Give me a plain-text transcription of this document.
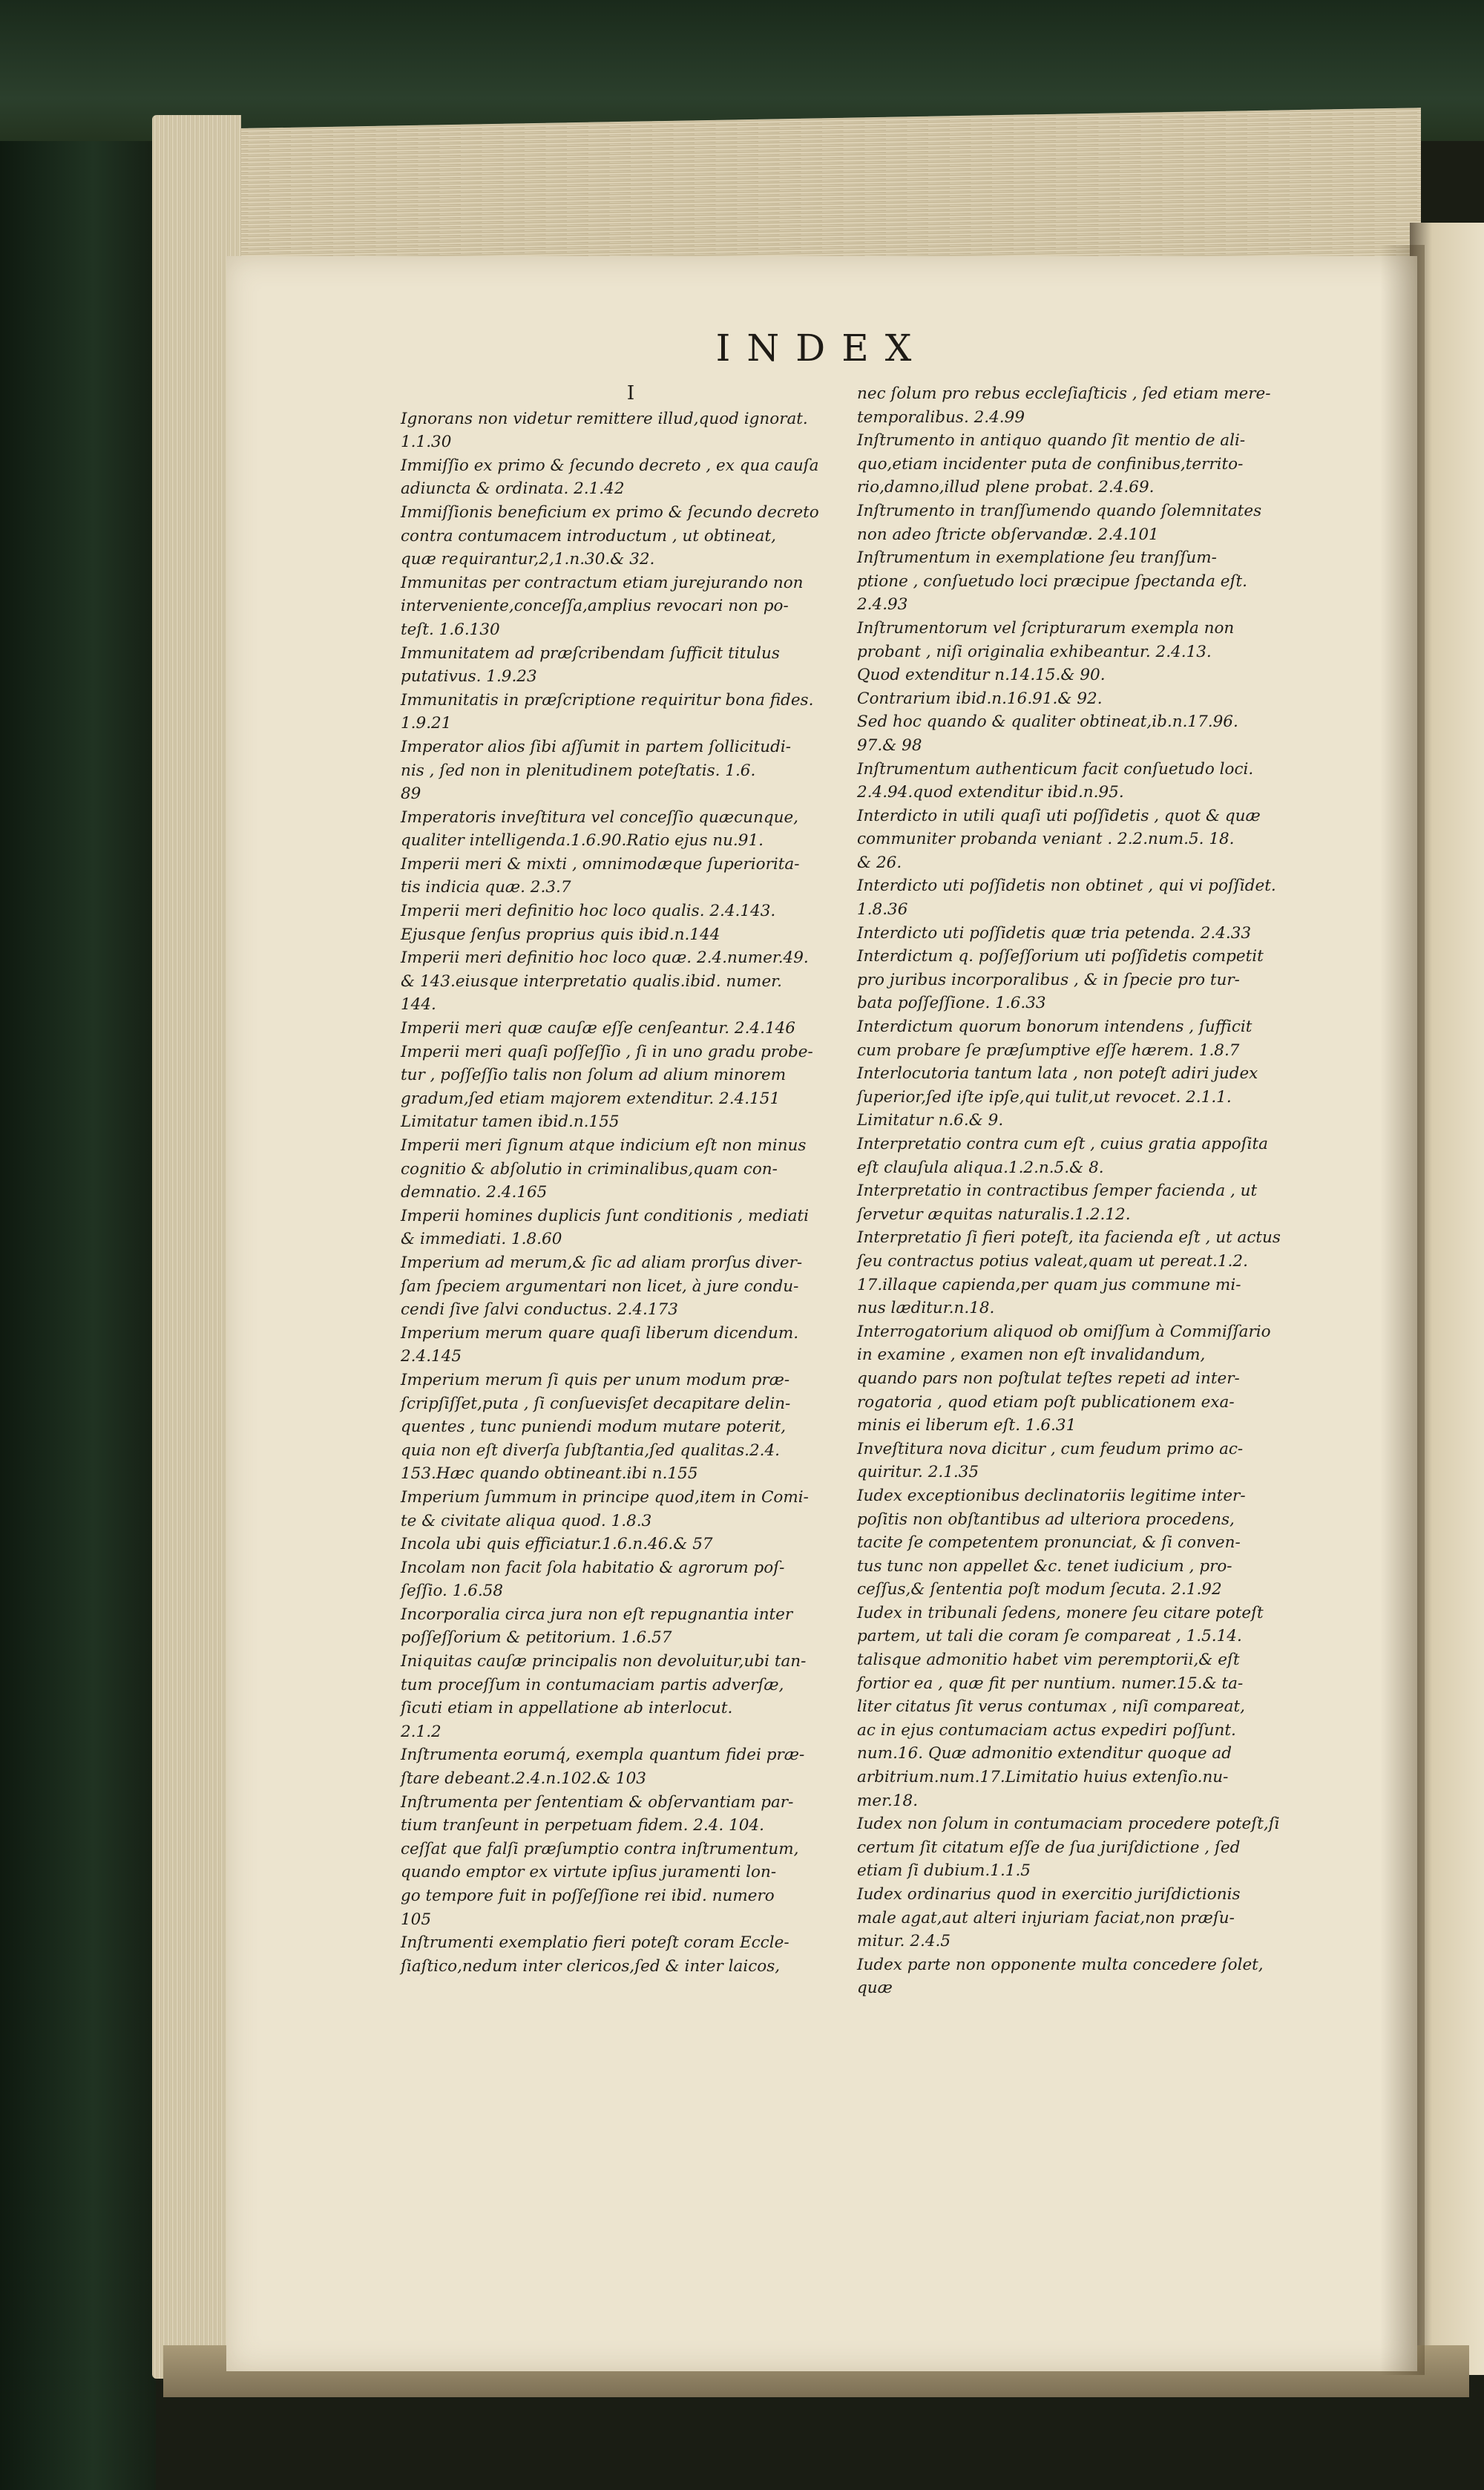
INDEX
I
Ignorans non videtur remittere illud,quod ignorat.
1.1.30
Immiſſio ex primo & ſecundo decreto , ex qua cauſa
adiuncta & ordinata. 2.1.42
Immiſſionis beneficium ex primo & ſecundo decreto
contra contumacem introductum , ut obtineat,
quæ requirantur,2,1.n.30.& 32.
Immunitas per contractum etiam jurejurando non
interveniente,conceſſa,amplius revocari non po-
teſt. 1.6.130
Immunitatem ad præſcribendam ſufficit titulus
putativus. 1.9.23
Immunitatis in præſcriptione requiritur bona fides.
1.9.21
Imperator alios ſibi aſſumit in partem ſollicitudi-
nis , ſed non in plenitudinem poteſtatis. 1.6.
89
Imperatoris inveſtitura vel conceſſio quæcunque,
qualiter intelligenda.1.6.90.Ratio ejus nu.91.
Imperii meri & mixti , omnimodæque ſuperiorita-
tis indicia quæ. 2.3.7
Imperii meri definitio hoc loco qualis. 2.4.143.
Ejusque ſenſus proprius quis ibid.n.144
Imperii meri definitio hoc loco quæ. 2.4.numer.49.
& 143.eiusque interpretatio qualis.ibid. numer.
144.
Imperii meri quæ cauſæ eſſe cenſeantur. 2.4.146
Imperii meri quaſi poſſeſſio , ſi in uno gradu probe-
tur , poſſeſſio talis non ſolum ad alium minorem
gradum,ſed etiam majorem extenditur. 2.4.151
Limitatur tamen ibid.n.155
Imperii meri ſignum atque indicium eſt non minus
cognitio & abſolutio in criminalibus,quam con-
demnatio. 2.4.165
Imperii homines duplicis ſunt conditionis , mediati
& immediati. 1.8.60
Imperium ad merum,& ſic ad aliam prorſus diver-
ſam ſpeciem argumentari non licet, à jure condu-
cendi ſive ſalvi conductus. 2.4.173
Imperium merum quare quaſi liberum dicendum.
2.4.145
Imperium merum ſi quis per unum modum præ-
ſcripſiſſet,puta , ſi conſuevisſet decapitare delin-
quentes , tunc puniendi modum mutare poterit,
quia non eſt diverſa ſubſtantia,ſed qualitas.2.4.
153.Hæc quando obtineant.ibi n.155
Imperium ſummum in principe quod,item in Comi-
te & civitate aliqua quod. 1.8.3
Incola ubi quis efficiatur.1.6.n.46.& 57
Incolam non facit ſola habitatio & agrorum poſ-
ſeſſio. 1.6.58
Incorporalia circa jura non eſt repugnantia inter
poſſeſſorium & petitorium. 1.6.57
Iniquitas cauſæ principalis non devoluitur,ubi tan-
tum proceſſum in contumaciam partis adverſæ,
ſicuti etiam in appellatione ab interlocut.
2.1.2
Inſtrumenta eorumq́, exempla quantum fidei præ-
ſtare debeant.2.4.n.102.& 103
Inſtrumenta per ſententiam & obſervantiam par-
tium tranſeunt in perpetuam fidem. 2.4. 104.
ceſſat que falſi præſumptio contra inſtrumentum,
quando emptor ex virtute ipſius juramenti lon-
go tempore fuit in poſſeſſione rei ibid. numero
105
Inſtrumenti exemplatio fieri poteſt coram Eccle-
ſiaſtico,nedum inter clericos,ſed & inter laicos,
nec ſolum pro rebus eccleſiaſticis , ſed etiam mere-
temporalibus. 2.4.99
Inſtrumento in antiquo quando ſit mentio de ali-
quo,etiam incidenter puta de confinibus,territo-
rio,damno,illud plene probat. 2.4.69.
Inſtrumento in tranſſumendo quando ſolemnitates
non adeo ſtricte obſervandæ. 2.4.101
Inſtrumentum in exemplatione ſeu tranſſum-
ptione , conſuetudo loci præcipue ſpectanda eſt.
2.4.93
Inſtrumentorum vel ſcripturarum exempla non
probant , niſi originalia exhibeantur. 2.4.13.
Quod extenditur n.14.15.& 90.
Contrarium ibid.n.16.91.& 92.
Sed hoc quando & qualiter obtineat,ib.n.17.96.
97.& 98
Inſtrumentum authenticum facit conſuetudo loci.
2.4.94.quod extenditur ibid.n.95.
Interdicto in utili quaſi uti poſſidetis , quot & quæ
communiter probanda veniant . 2.2.num.5. 18.
& 26.
Interdicto uti poſſidetis non obtinet , qui vi poſſidet.
1.8.36
Interdicto uti poſſidetis quæ tria petenda. 2.4.33
Interdictum q. poſſeſſorium uti poſſidetis competit
pro juribus incorporalibus , & in ſpecie pro tur-
bata poſſeſſione. 1.6.33
Interdictum quorum bonorum intendens , ſufficit
cum probare ſe præſumptive eſſe hærem. 1.8.7
Interlocutoria tantum lata , non poteſt adiri judex
ſuperior,ſed iſte ipſe,qui tulit,ut revocet. 2.1.1.
Limitatur n.6.& 9.
Interpretatio contra cum eſt , cuius gratia appoſita
eſt clauſula aliqua.1.2.n.5.& 8.
Interpretatio in contractibus ſemper facienda , ut
ſervetur æquitas naturalis.1.2.12.
Interpretatio ſi fieri poteſt, ita facienda eſt , ut actus
ſeu contractus potius valeat,quam ut pereat.1.2.
17.illaque capienda,per quam jus commune mi-
nus læditur.n.18.
Interrogatorium aliquod ob omiſſum à Commiſſario
in examine , examen non eſt invalidandum,
quando pars non poſtulat teſtes repeti ad inter-
rogatoria , quod etiam poſt publicationem exa-
minis ei liberum eſt. 1.6.31
Inveſtitura nova dicitur , cum feudum primo ac-
quiritur. 2.1.35
Iudex exceptionibus declinatoriis legitime inter-
poſitis non obſtantibus ad ulteriora procedens,
tacite ſe competentem pronunciat, & ſi conven-
tus tunc non appellet &c. tenet iudicium , pro-
ceſſus,& ſententia poſt modum ſecuta. 2.1.92
Iudex in tribunali ſedens, monere ſeu citare poteſt
partem, ut tali die coram ſe compareat , 1.5.14.
talisque admonitio habet vim peremptorii,& eſt
fortior ea , quæ fit per nuntium. numer.15.& ta-
liter citatus ſit verus contumax , niſi compareat,
ac in ejus contumaciam actus expediri poſſunt.
num.16. Quæ admonitio extenditur quoque ad
arbitrium.num.17.Limitatio huius extenſio.nu-
mer.18.
Iudex non ſolum in contumaciam procedere poteſt,ſi
certum ſit citatum eſſe de ſua juriſdictione , ſed
etiam ſi dubium.1.1.5
Iudex ordinarius quod in exercitio juriſdictionis
male agat,aut alteri injuriam faciat,non præſu-
mitur. 2.4.5
Iudex parte non opponente multa concedere ſolet,
quæ
